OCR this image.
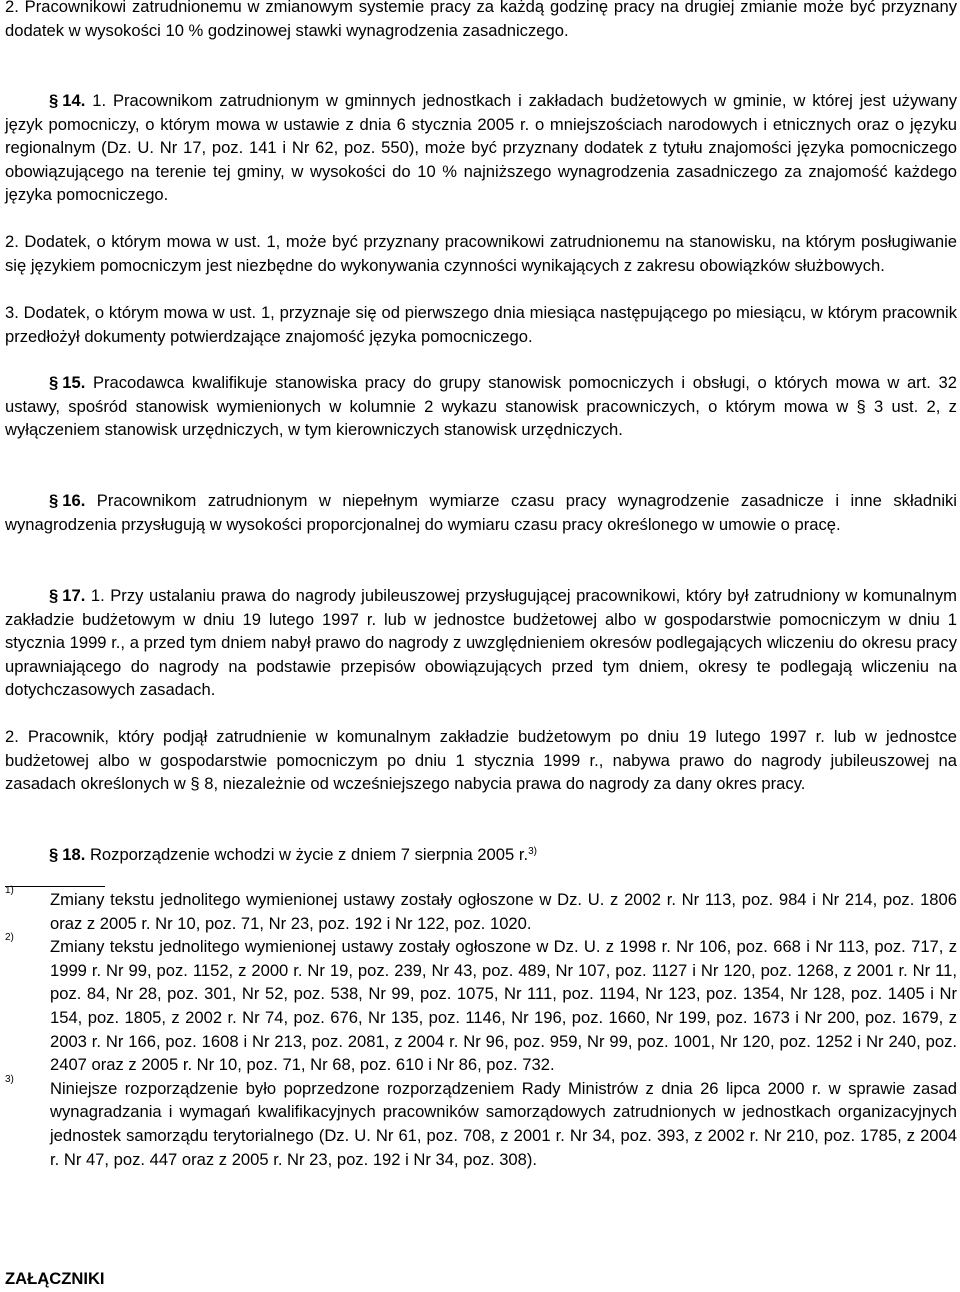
2. Pracownikowi zatrudnionemu w zmianowym systemie pracy za każdą godzinę pracy na drugiej zmianie może być przyznany dodatek w wysokości 10 % godzinowej stawki wynagrodzenia zasadniczego.

§ 14. 1. Pracownikom zatrudnionym w gminnych jednostkach i zakładach budżetowych w gminie, w której jest używany język pomocniczy, o którym mowa w ustawie z dnia 6 stycznia 2005 r. o mniejszościach narodowych i etnicznych oraz o języku regionalnym (Dz. U. Nr 17, poz. 141 i Nr 62, poz. 550), może być przyznany dodatek z tytułu znajomości języka pomocniczego obowiązującego na terenie tej gminy, w wysokości do 10 % najniższego wynagrodzenia zasadniczego za znajomość każdego języka pomocniczego.

2. Dodatek, o którym mowa w ust. 1, może być przyznany pracownikowi zatrudnionemu na stanowisku, na którym posługiwanie się językiem pomocniczym jest niezbędne do wykonywania czynności wynikających z zakresu obowiązków służbowych.

3. Dodatek, o którym mowa w ust. 1, przyznaje się od pierwszego dnia miesiąca następującego po miesiącu, w którym pracownik przedłożył dokumenty potwierdzające znajomość języka pomocniczego.

§ 15. Pracodawca kwalifikuje stanowiska pracy do grupy stanowisk pomocniczych i obsługi, o których mowa w art. 32 ustawy, spośród stanowisk wymienionych w kolumnie 2 wykazu stanowisk pracowniczych, o którym mowa w § 3 ust. 2, z wyłączeniem stanowisk urzędniczych, w tym kierowniczych stanowisk urzędniczych.

§ 16. Pracownikom zatrudnionym w niepełnym wymiarze czasu pracy wynagrodzenie zasadnicze i inne składniki wynagrodzenia przysługują w wysokości proporcjonalnej do wymiaru czasu pracy określonego w umowie o pracę.

§ 17. 1. Przy ustalaniu prawa do nagrody jubileuszowej przysługującej pracownikowi, który był zatrudniony w komunalnym zakładzie budżetowym w dniu 19 lutego 1997 r. lub w jednostce budżetowej albo w gospodarstwie pomocniczym w dniu 1 stycznia 1999 r., a przed tym dniem nabył prawo do nagrody z uwzględnieniem okresów podlegających wliczeniu do okresu pracy uprawniającego do nagrody na podstawie przepisów obowiązujących przed tym dniem, okresy te podlegają wliczeniu na dotychczasowych zasadach.

2. Pracownik, który podjął zatrudnienie w komunalnym zakładzie budżetowym po dniu 19 lutego 1997 r. lub w jednostce budżetowej albo w gospodarstwie pomocniczym po dniu 1 stycznia 1999 r., nabywa prawo do nagrody jubileuszowej na zasadach określonych w § 8, niezależnie od wcześniejszego nabycia prawa do nagrody za dany okres pracy.

§ 18. Rozporządzenie wchodzi w życie z dniem 7 sierpnia 2005 r.$^{3)}$

1) Zmiany tekstu jednolitego wymienionej ustawy zostały ogłoszone w Dz. U. z 2002 r. Nr 113, poz. 984 i Nr 214, poz. 1806 oraz z 2005 r. Nr 10, poz. 71, Nr 23, poz. 192 i Nr 122, poz. 1020.

2) Zmiany tekstu jednolitego wymienionej ustawy zostały ogłoszone w Dz. U. z 1998 r. Nr 106, poz. 668 i Nr 113, poz. 717, z 1999 r. Nr 99, poz. 1152, z 2000 r. Nr 19, poz. 239, Nr 43, poz. 489, Nr 107, poz. 1127 i Nr 120, poz. 1268, z 2001 r. Nr 11, poz. 84, Nr 28, poz. 301, Nr 52, poz. 538, Nr 99, poz. 1075, Nr 111, poz. 1194, Nr 123, poz. 1354, Nr 128, poz. 1405 i Nr 154, poz. 1805, z 2002 r. Nr 74, poz. 676, Nr 135, poz. 1146, Nr 196, poz. 1660, Nr 199, poz. 1673 i Nr 200, poz. 1679, z 2003 r. Nr 166, poz. 1608 i Nr 213, poz. 2081, z 2004 r. Nr 96, poz. 959, Nr 99, poz. 1001, Nr 120, poz. 1252 i Nr 240, poz. 2407 oraz z 2005 r. Nr 10, poz. 71, Nr 68, poz. 610 i Nr 86, poz. 732.

3) Niniejsze rozporządzenie było poprzedzone rozporządzeniem Rady Ministrów z dnia 26 lipca 2000 r. w sprawie zasad wynagradzania i wymagań kwalifikacyjnych pracowników samorządowych zatrudnionych w jednostkach organizacyjnych jednostek samorządu terytorialnego (Dz. U. Nr 61, poz. 708, z 2001 r. Nr 34, poz. 393, z 2002 r. Nr 210, poz. 1785, z 2004 r. Nr 47, poz. 447 oraz z 2005 r. Nr 23, poz. 192 i Nr 34, poz. 308).

ZAŁĄCZNIKI
